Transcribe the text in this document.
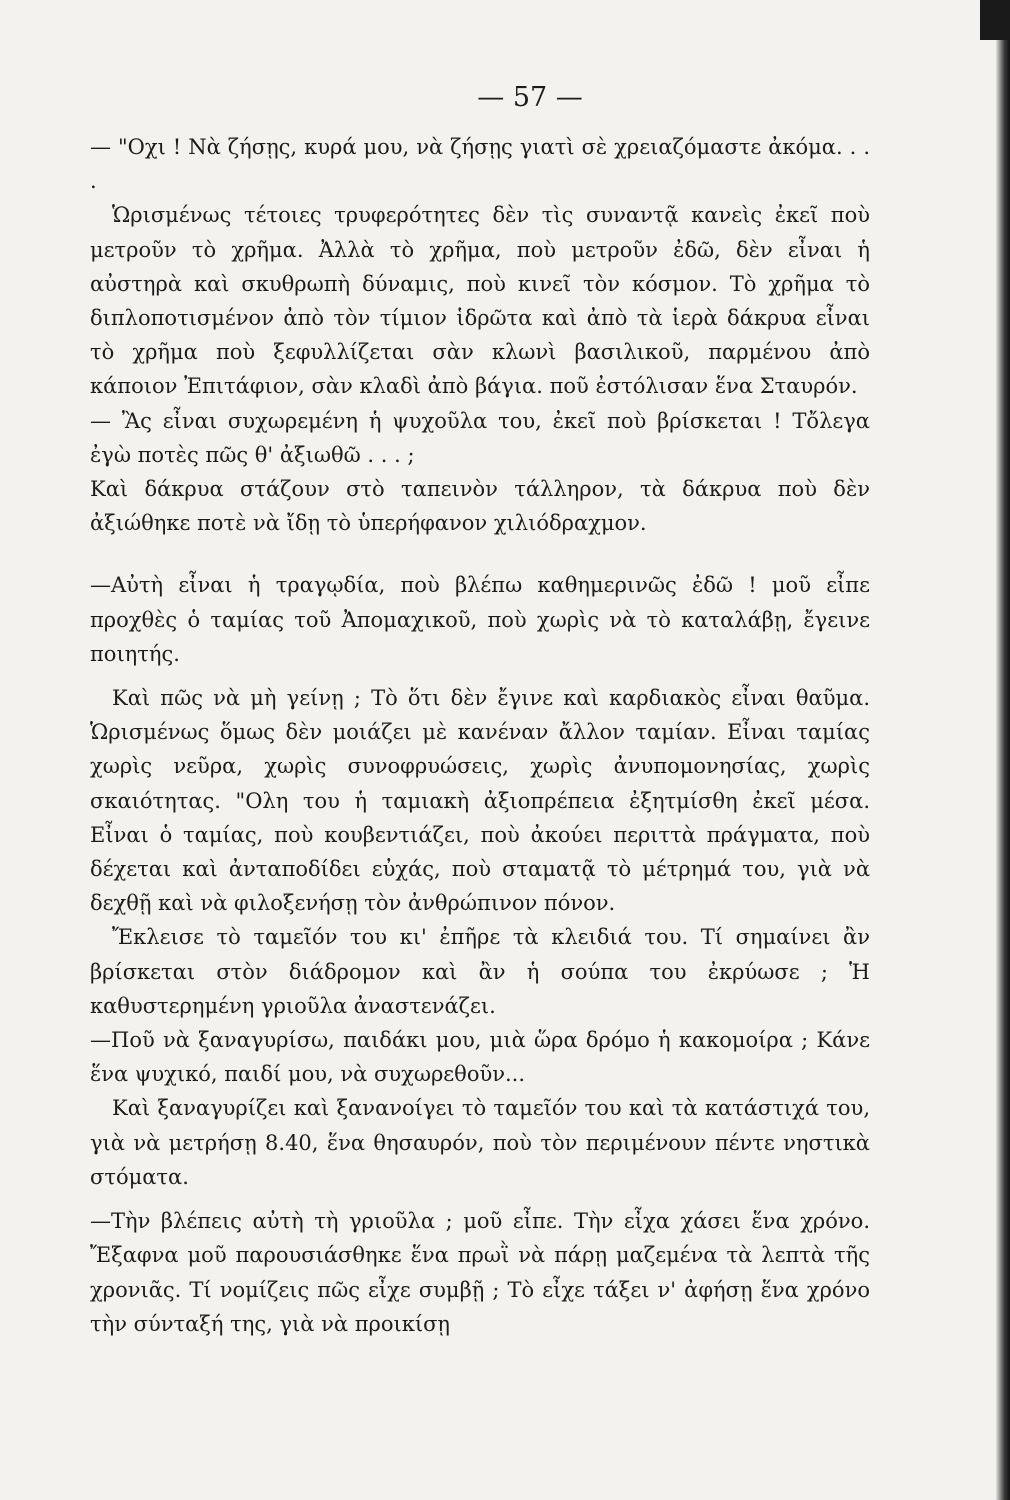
— 57 —

— "Οχι ! Νὰ ζήσῃς, κυρά μου, νὰ ζήσῃς γιατὶ σὲ χρειαζόμαστε ἀκόμα. . . .

Ὡρισμένως τέτοιες τρυφερότητες δὲν τὶς συναντᾷ κανεὶς ἐκεῖ ποὺ μετροῦν τὸ χρῆμα. Ἀλλὰ τὸ χρῆμα, ποὺ μετροῦν ἐδῶ, δὲν εἶναι ἡ αὐστηρὰ καὶ σκυθρωπὴ δύναμις, ποὺ κινεῖ τὸν κόσμον. Τὸ χρῆμα τὸ διπλοποτισμένον ἀπὸ τὸν τίμιον ἱδρῶτα καὶ ἀπὸ τὰ ἱερὰ δάκρυα εἶναι τὸ χρῆμα ποὺ ξεφυλλίζεται σὰν κλωνὶ βασιλικοῦ, παρμένου ἀπὸ κάποιον Ἐπιτάφιον, σὰν κλαδὶ ἀπὸ βάγια. ποῦ ἐστόλισαν ἕνα Σταυρόν.

— Ἂς εἶναι συχωρεμένη ἡ ψυχοῦλα του, ἐκεῖ ποὺ βρίσκεται ! Τὄλεγα ἐγὼ ποτὲς πῶς θ' ἀξιωθῶ . . . ;

Καὶ δάκρυα στάζουν στὸ ταπεινὸν τάλληρον, τὰ δάκρυα ποὺ δὲν ἀξιώθηκε ποτὲ νὰ ἴδῃ τὸ ὑπερήφανον χιλιόδραχμον.

—Αὐτὴ εἶναι ἡ τραγῳδία, ποὺ βλέπω καθημερινῶς ἐδῶ ! μοῦ εἶπε προχθὲς ὁ ταμίας τοῦ Ἀπομαχικοῦ, ποὺ χωρὶς νὰ τὸ καταλάβῃ, ἔγεινε ποιητής.

Καὶ πῶς νὰ μὴ γείνῃ ; Τὸ ὅτι δὲν ἔγινε καὶ καρδιακὸς εἶναι θαῦμα. Ὡρισμένως ὅμως δὲν μοιάζει μὲ κανέναν ἄλλον ταμίαν. Εἶναι ταμίας χωρὶς νεῦρα, χωρὶς συνοφρυώσεις, χωρὶς ἀνυπομονησίας, χωρὶς σκαιότητας. "Ολη του ἡ ταμιακὴ ἀξιοπρέπεια ἐξητμίσθη ἐκεῖ μέσα. Εἶναι ὁ ταμίας, ποὺ κουβεντιάζει, ποὺ ἀκούει περιττὰ πράγματα, ποὺ δέχεται καὶ ἀνταποδίδει εὐχάς, ποὺ σταματᾷ τὸ μέτρημά του, γιὰ νὰ δεχθῇ καὶ νὰ φιλοξενήσῃ τὸν ἀνθρώπινον πόνον.

Ἔκλεισε τὸ ταμεῖόν του κι' ἐπῆρε τὰ κλειδιά του. Τί σημαίνει ἂν βρίσκεται στὸν διάδρομον καὶ ἂν ἡ σούπα του ἐκρύωσε ; Ἡ καθυστερημένη γριοῦλα ἀναστενάζει.

—Ποῦ νὰ ξαναγυρίσω, παιδάκι μου, μιὰ ὥρα δρόμο ἡ κακομοίρα ; Κάνε ἕνα ψυχικό, παιδί μου, νὰ συχωρεθοῦν...

Καὶ ξαναγυρίζει καὶ ξανανοίγει τὸ ταμεῖόν του καὶ τὰ κατάστιχά του, γιὰ νὰ μετρήσῃ 8.40, ἕνα θησαυρόν, ποὺ τὸν περιμένουν πέντε νηστικὰ στόματα.

—Τὴν βλέπεις αὐτὴ τὴ γριοῦλα ; μοῦ εἶπε. Τὴν εἶχα χάσει ἕνα χρόνο. Ἔξαφνα μοῦ παρουσιάσθηκε ἕνα πρωῒ νὰ πάρῃ μαζεμένα τὰ λεπτὰ τῆς χρονιᾶς. Τί νομίζεις πῶς εἶχε συμβῇ ; Τὸ εἶχε τάξει ν' ἀφήσῃ ἕνα χρόνο τὴν σύνταξή της, γιὰ νὰ προικίσῃ
